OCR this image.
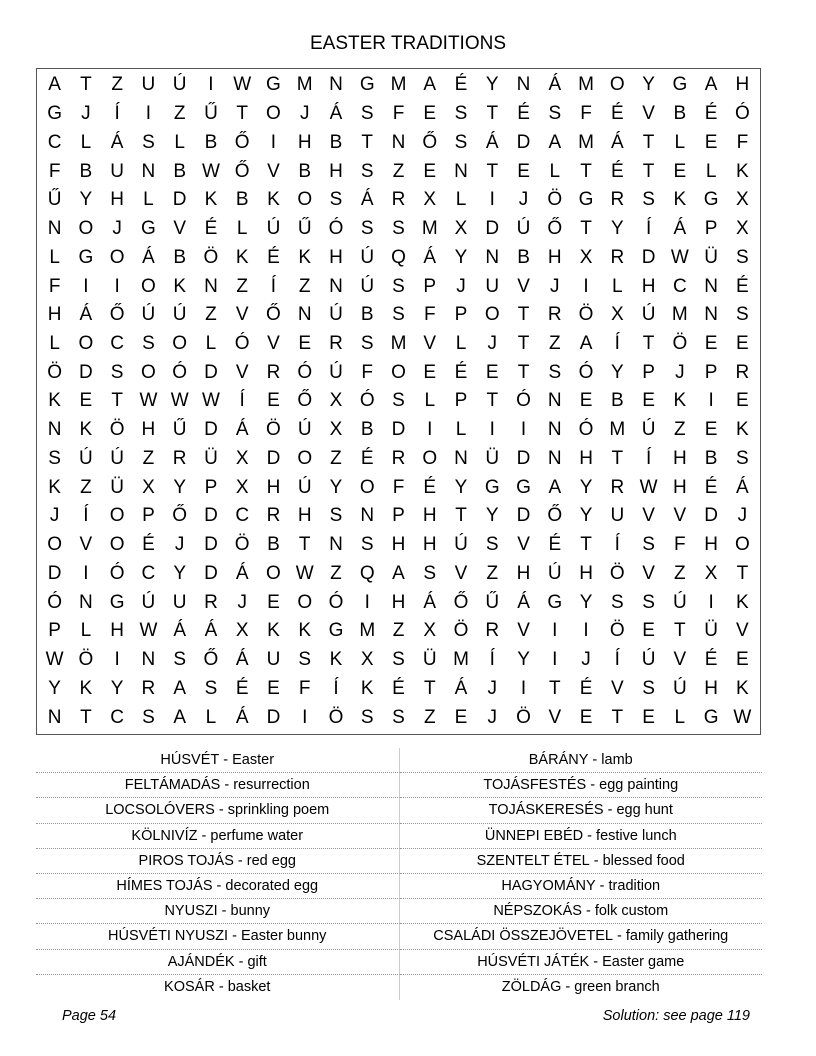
EASTER TRADITIONS
A	T	Z U Ú	I	W G M N G M A É Y N Á M O Y G A H
G	J	Í	I	Z Ű T O	J	Á S	F	E S	T	É S	F	É V B É Ó
C	L	Á S	L	B Ő	I	H B	T N Ő S Á D A M Á	T	L	E	F
F	B U N B W Ő V B H S	Z	E N T	E	L	T	É	T	E	L	K
Ű Y H	L	D K B K O S Á R X	L	I	J	Ö G R S K G X
N O	J	G V É	L	Ú Ű Ó S S M X D Ú Ő T	Y	Í	Á P X
L G O Á B Ö K É K H Ú Q Á Y N B H X R D W Ü S
F	I	I	O K N Z	Í	Z N Ú S P	J	U V	J	I	L	H C N É
H Á Ő Ú Ú Z	V Ő N Ú B S	F	P O T R Ö X Ú M N S
L O C S O L Ó V E R S M V	L	J	T	Z	A	Í	T Ö E E
Ö D S O Ó D V R Ó Ú F O E É E	T	S Ó Y P	J	P R
K E	T W W W	Í	E Ő X Ó S	L	P	T Ó N E B E K	I	E
N K Ö H Ű D Á Ö Ú X B D	I	L	I	I	N Ó M Ú Z	E K
S Ú Ú Z R Ü X D O Z	É R O N Ü D N H T	Í	H B S
K	Z Ü X Y P X H Ú Y O F	É Y G G A Y R W H É Á
J	Í	O P Ő D C R H S N P H T	Y D Ő Y U V V D	J
O V O É	J	D Ö B	T N S H H Ú S V É	T	Í	S	F H O
D	I	Ó C Y D Á O W Z Q A S V	Z H Ú H Ö V	Z	X	T
Ó N G Ú U R	J	E O Ó	I	H Á Ő Ű Á G Y S S Ú	I	K
P	L	H W Á Á X K K G M Z	X Ö R V	I	I	Ö E	T Ü V
W Ö	I	N S Ő Á U S K X S Ü M	Í	Y	I	J	Í	Ú V É E
Y K Y R A S É E	F	Í	K É	T	Á	J	I	T	É V S Ú H K
N T C S A	L	Á D	I	Ö S S	Z	E	J	Ö V E	T	E	L G W
HÚSVÉT - Easter	BÁRÁNY - lamb
FELTÁMADÁS - resurrection	TOJÁSFESTÉS - egg painting
LOCSOLÓVERS - sprinkling poem	TOJÁSKERESÉS - egg hunt
KÖLNIVÍZ - perfume water	ÜNNEPI EBÉD - festive lunch
PIROS TOJÁS - red egg	SZENTELT ÉTEL - blessed food
HÍMES TOJÁS - decorated egg	HAGYOMÁNY - tradition
NYUSZI - bunny	NÉPSZOKÁS - folk custom
HÚSVÉTI NYUSZI - Easter bunny	CSALÁDI ÖSSZEJÖVETEL - family gathering
AJÁNDÉK - gift	HÚSVÉTI JÁTÉK - Easter game
KOSÁR - basket	ZÖLDÁG - green branch
Page 54	Solution: see page 119
